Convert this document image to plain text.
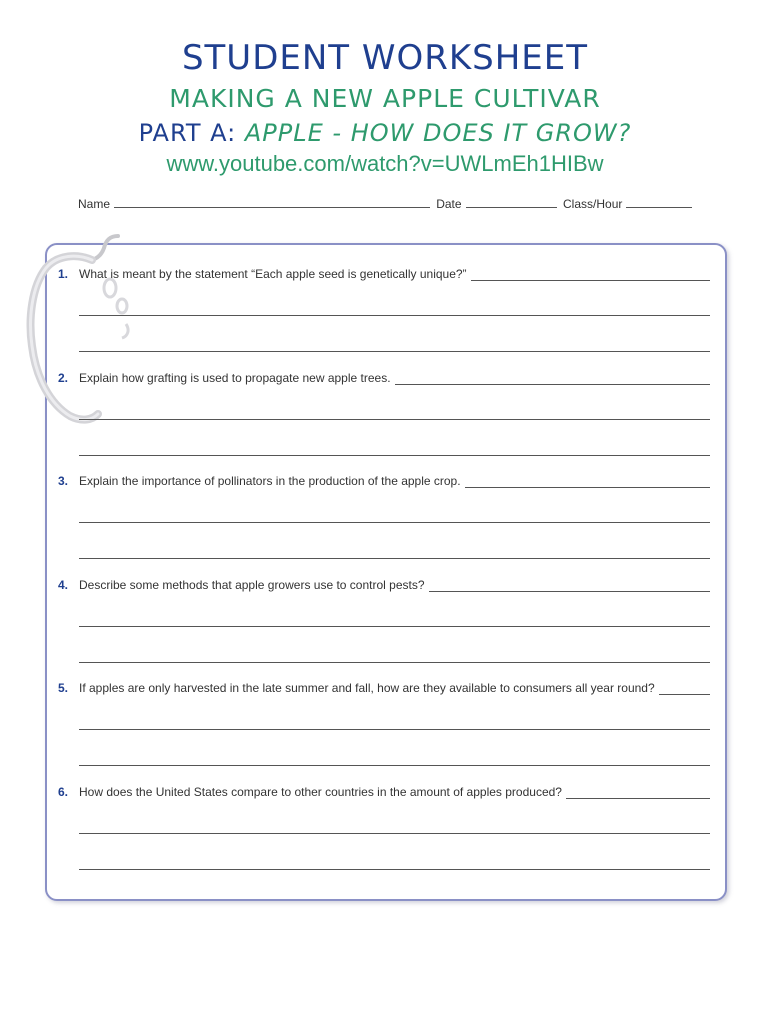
STUDENT WORKSHEET
MAKING A NEW APPLE CULTIVAR
PART A: APPLE - HOW DOES IT GROW?
www.youtube.com/watch?v=UWLmEh1HIBw
Name	Date	Class/Hour
1. What is meant by the statement “Each apple seed is genetically unique?”
2. Explain how grafting is used to propagate new apple trees.
3. Explain the importance of pollinators in the production of the apple crop.
4. Describe some methods that apple growers use to control pests?
5. If apples are only harvested in the late summer and fall, how are they available to consumers all year round?
6. How does the United States compare to other countries in the amount of apples produced?
